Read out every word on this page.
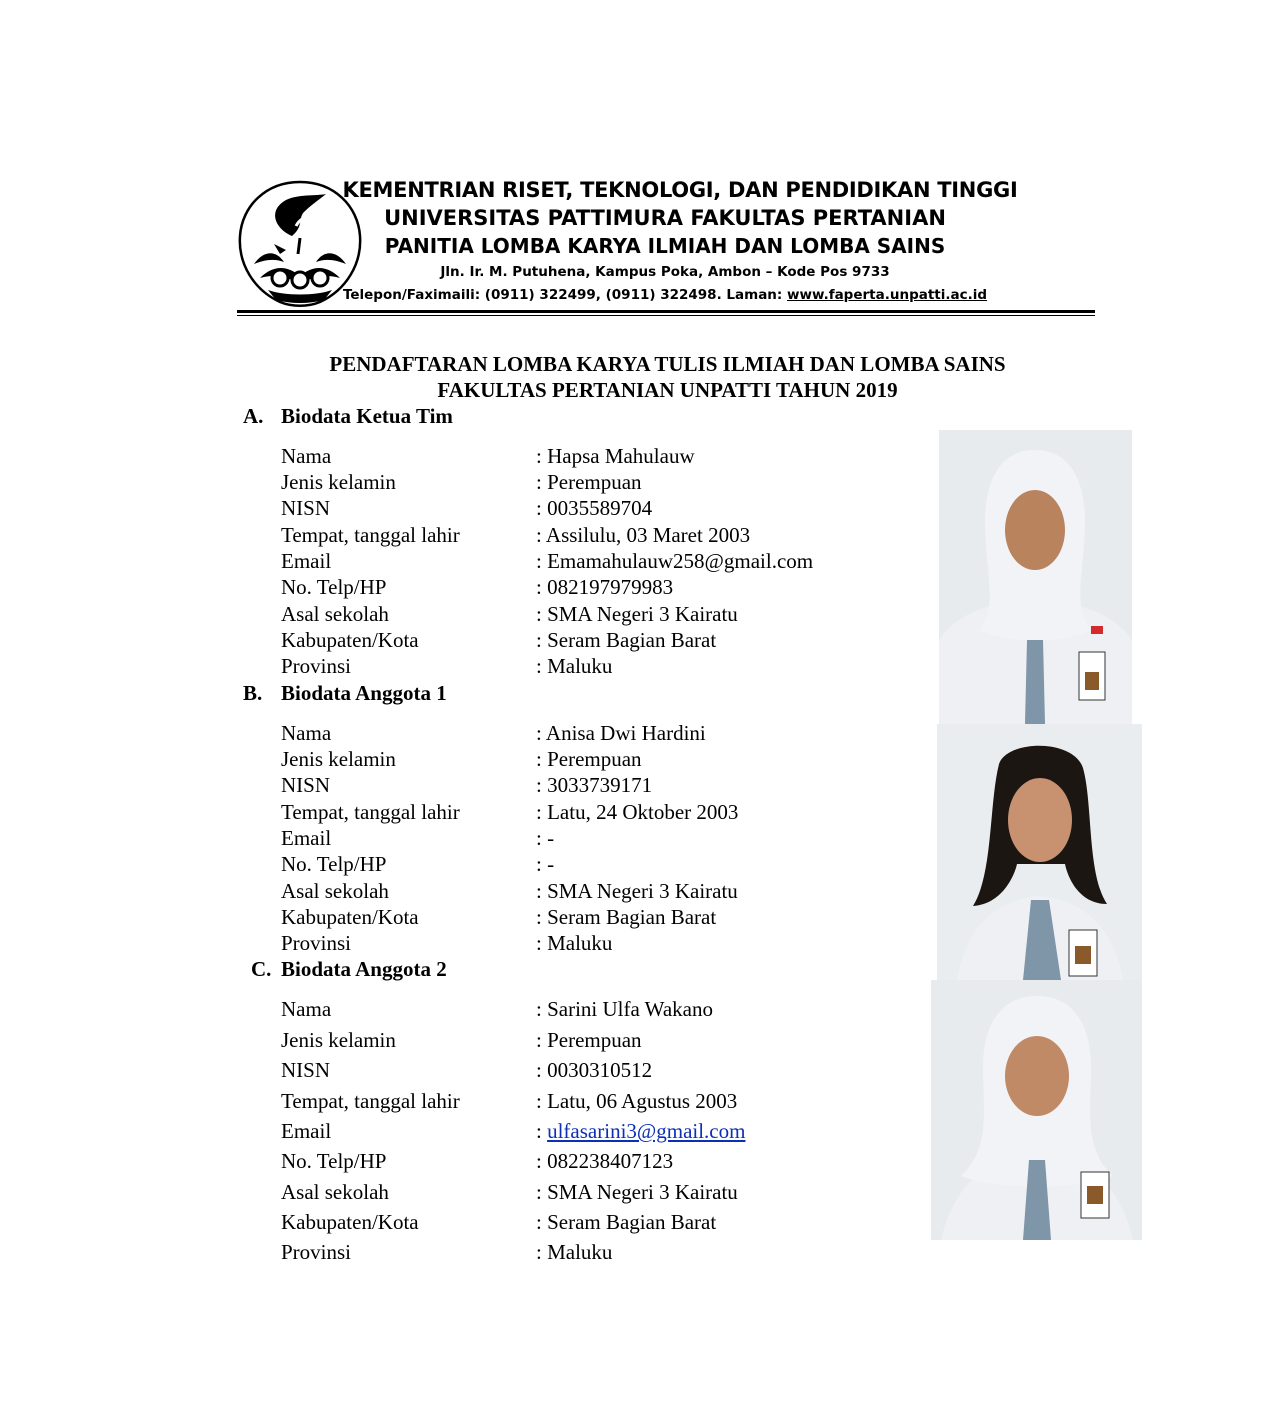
KEMENTRIAN RISET, TEKNOLOGI, DAN PENDIDIKAN TINGGI
UNIVERSITAS PATTIMURA FAKULTAS PERTANIAN
PANITIA LOMBA KARYA ILMIAH DAN LOMBA SAINS
Jln. Ir. M. Putuhena, Kampus Poka, Ambon – Kode Pos 9733
Telepon/Faximaili: (0911) 322499, (0911) 322498. Laman: www.faperta.unpatti.ac.id
PENDAFTARAN LOMBA KARYA TULIS ILMIAH DAN LOMBA SAINS
FAKULTAS PERTANIAN UNPATTI TAHUN 2019
A. Biodata Ketua Tim
Nama	: Hapsa Mahulauw
Jenis kelamin	: Perempuan
NISN	: 0035589704
Tempat, tanggal lahir	: Assilulu, 03 Maret 2003
Email	: Emamahulauw258@gmail.com
No. Telp/HP	: 082197979983
Asal sekolah	: SMA Negeri 3 Kairatu
Kabupaten/Kota	: Seram Bagian Barat
Provinsi	: Maluku
B. Biodata Anggota 1
Nama	: Anisa Dwi Hardini
Jenis kelamin	: Perempuan
NISN	: 3033739171
Tempat, tanggal lahir	: Latu, 24 Oktober 2003
Email	: -
No. Telp/HP	: -
Asal sekolah	: SMA Negeri 3 Kairatu
Kabupaten/Kota	: Seram Bagian Barat
Provinsi	: Maluku
C. Biodata Anggota 2
Nama	: Sarini Ulfa Wakano
Jenis kelamin	: Perempuan
NISN	: 0030310512
Tempat, tanggal lahir	: Latu, 06 Agustus 2003
Email	: ulfasarini3@gmail.com
No. Telp/HP	: 082238407123
Asal sekolah	: SMA Negeri 3 Kairatu
Kabupaten/Kota	: Seram Bagian Barat
Provinsi	: Maluku
